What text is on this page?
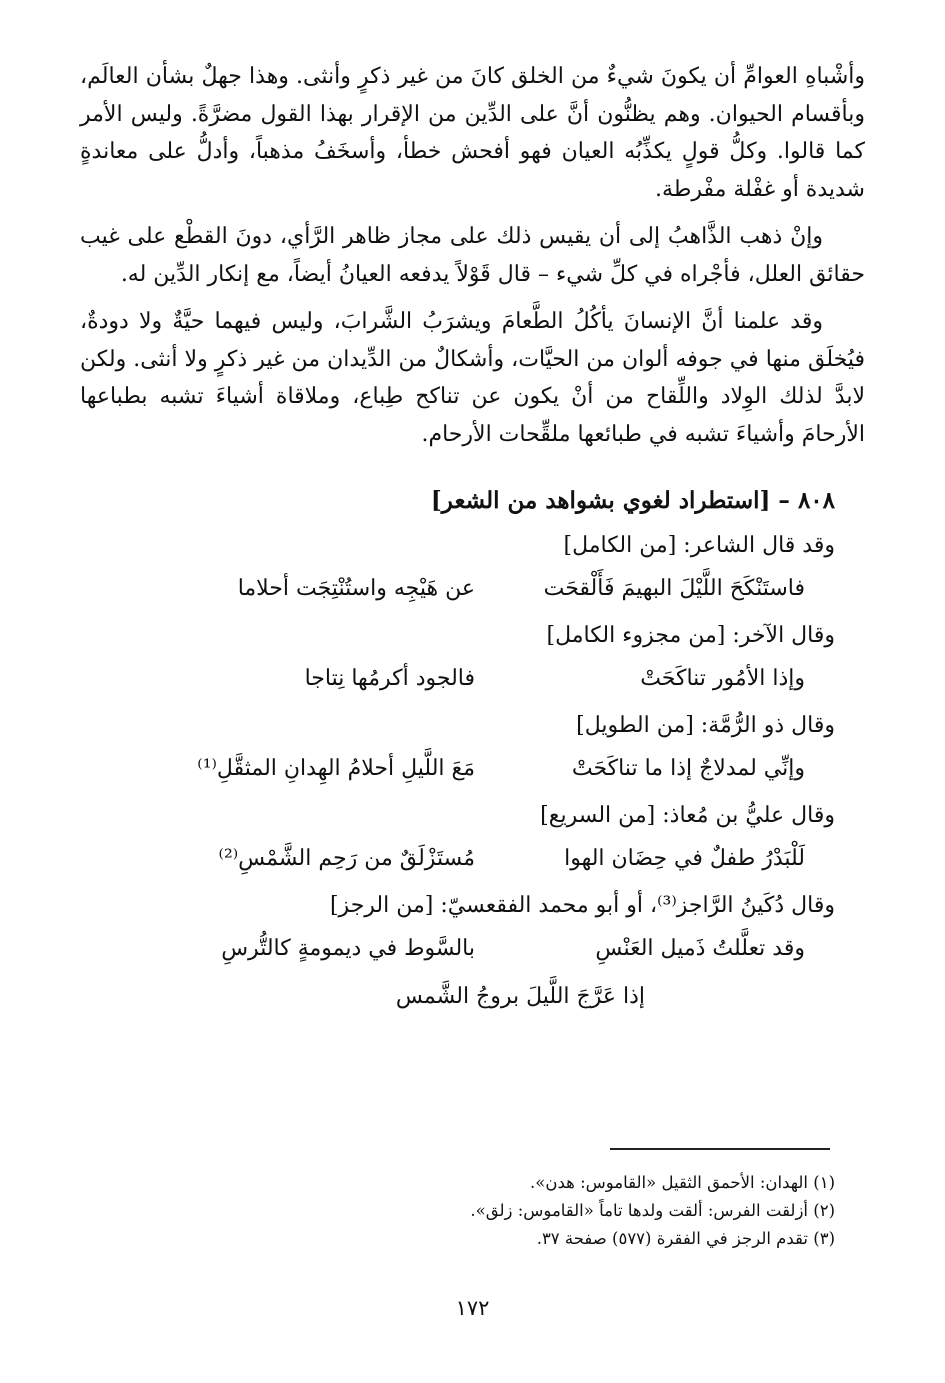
وأشْباهِ العوامِّ أن يكونَ شيءٌ من الخلق كانَ من غير ذكرٍ وأنثى. وهذا جهلٌ بشأن العالَم، وبأقسام الحيوان. وهم يظنُّون أنَّ على الدِّين من الإقرار بهذا القول مضرَّةً. وليس الأمر كما قالوا. وكلُّ قولٍ يكذِّبُه العيان فهو أفحش خطأ، وأسخَفُ مذهباً، وأدلُّ على معاندةٍ شديدة أو غفْلة مفْرطة.

وإنْ ذهب الذَّاهبُ إلى أن يقيس ذلك على مجاز ظاهر الرَّأي، دونَ القطْع على غيب حقائق العلل، فأجْراه في كلِّ شيء – قال قَوْلاً يدفعه العيانُ أيضاً، مع إنكار الدِّين له.

وقد علمنا أنَّ الإنسانَ يأكُلُ الطَّعامَ ويشرَبُ الشَّرابَ، وليس فيهما حيَّةٌ ولا دودةٌ، فيُخلَق منها في جوفه ألوان من الحيَّات، وأشكالٌ من الدِّيدان من غير ذكرٍ ولا أنثى. ولكن لابدَّ لذلك الوِلاد واللِّقاح من أنْ يكون عن تناكح طِباع، وملاقاة أشياءَ تشبه بطباعها الأرحامَ وأشياءَ تشبه في طبائعها ملقِّحات الأرحام.

٨٠٨ – [استطراد لغوي بشواهد من الشعر]
وقد قال الشاعر: [من الكامل]
فاستَنْكَحَ اللَّيْلَ البهيمَ فَأَلْقحَت
عن هَيْجِه واستُنْتِجَت أحلاما
وقال الآخر: [من مجزوء الكامل]
وإذا الأمُور تناكَحَتْ
فالجود أكرمُها نِتاجا
وقال ذو الرُّمَّة: [من الطويل]
وإنِّي لمدلاجٌ إذا ما تناكَحَتْ
مَعَ اللَّيلِ أحلامُ الهِدانِ المثقَّلِ⁽¹⁾
وقال عليُّ بن مُعاذ: [من السريع]
لَلْبَدْرُ طفلٌ في حِضَان الهوا
مُستَزْلَقٌ من رَحِم الشَّمْسِ⁽²⁾
وقال دُكَينُ الرَّاجز⁽³⁾، أو أبو محمد الفقعسيّ: [من الرجز]
وقد تعلَّلتُ ذَميل العَنْسِ
بالسَّوط في ديمومةٍ كالتُّرسِ
إذا عَرَّجَ اللَّيلَ بروجُ الشَّمس
(١) الهدان: الأحمق الثقيل «القاموس: هدن».
(٢) أزلقت الفرس: ألقت ولدها تاماً «القاموس: زلق».
(٣) تقدم الرجز في الفقرة (٥٧٧) صفحة ٣٧.
١٧٢
